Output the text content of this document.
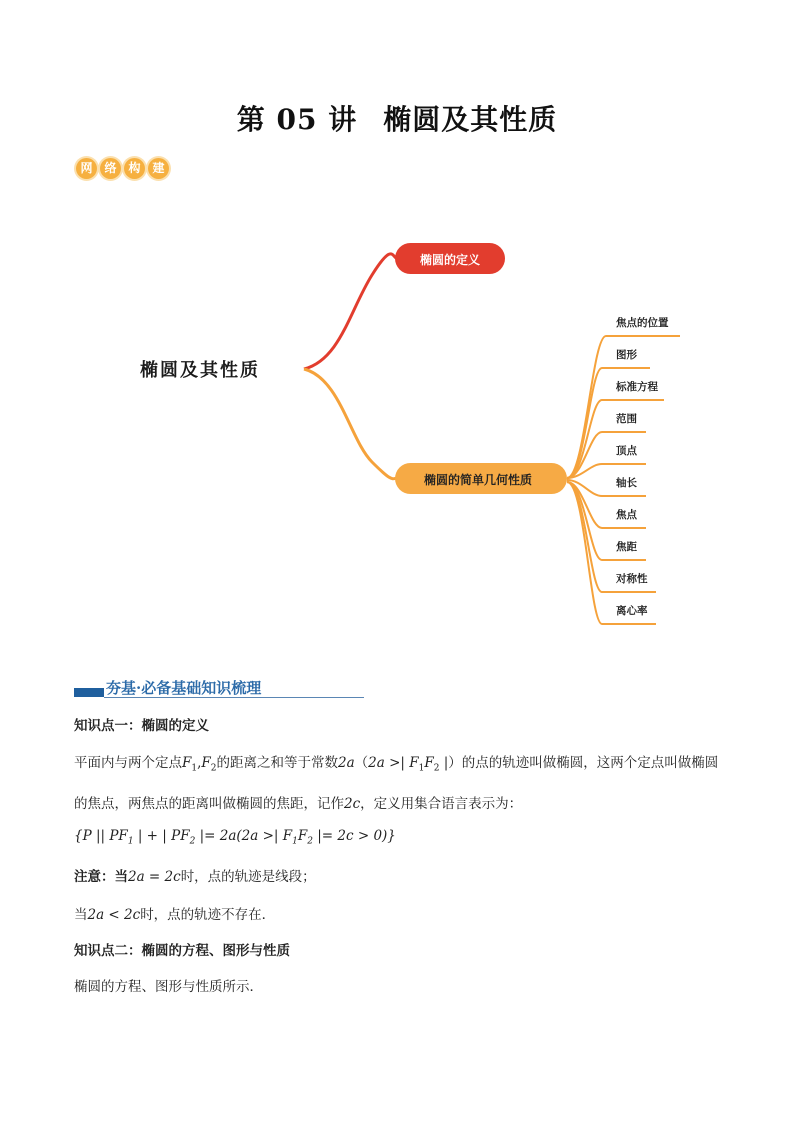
第 05 讲 椭圆及其性质
网 络 构 建
椭圆及其性质
椭圆的定义
椭圆的简单几何性质
焦点的位置
图形
标准方程
范围
顶点
轴长
焦点
焦距
对称性
离心率
夯基·必备基础知识梳理
知识点一：椭圆的定义
平面内与两个定点$F_1,F_2$的距离之和等于常数2a（2a >| $F_1F_2$ |）的点的轨迹叫做椭圆，这两个定点叫做椭圆
的焦点，两焦点的距离叫做椭圆的焦距，记作2c，定义用集合语言表示为：
{P || $PF_1$ | + | $PF_2$ |= 2a(2a >| $F_1F_2$ |= 2c > 0)}
注意：当2a = 2c时，点的轨迹是线段；
当2a < 2c时，点的轨迹不存在．
知识点二：椭圆的方程、图形与性质
椭圆的方程、图形与性质所示．
